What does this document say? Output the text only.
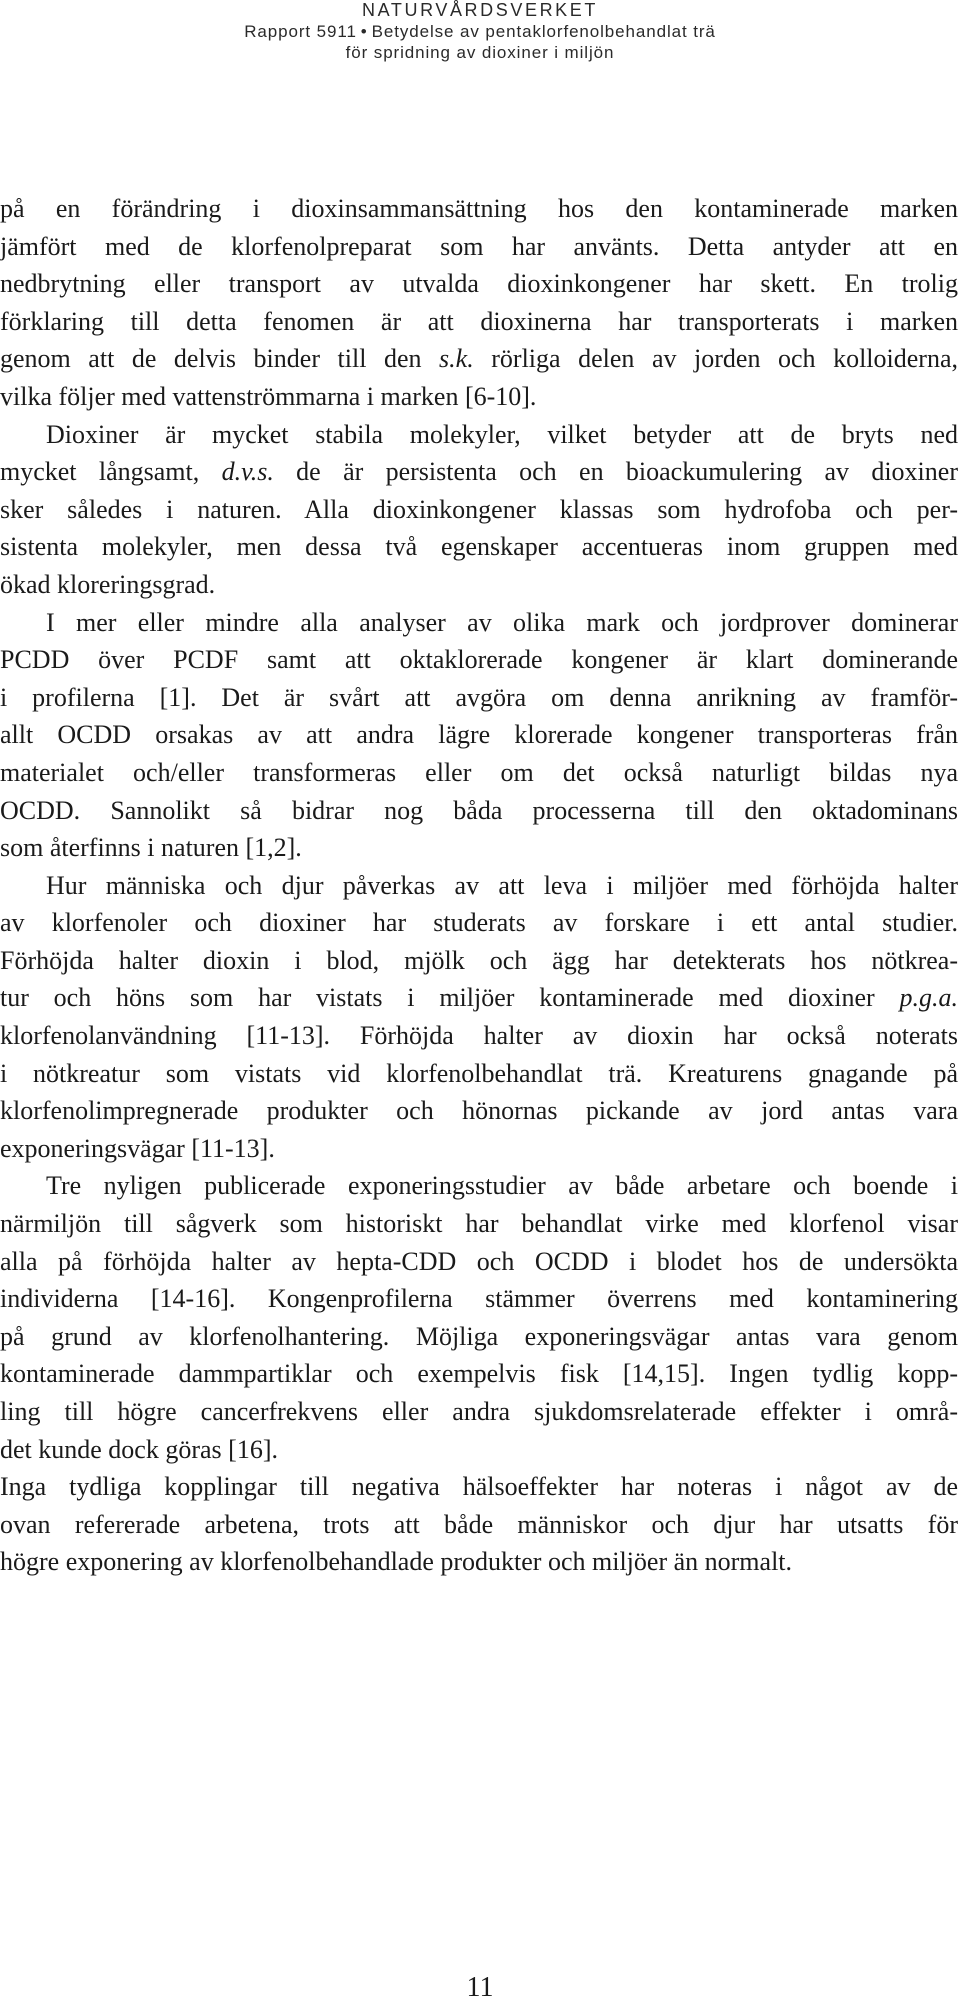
NATURVÅRDSVERKET
Rapport 5911 • Betydelse av pentaklorfenolbehandlat trä
för spridning av dioxiner i miljön
på en förändring i dioxinsammansättning hos den kontaminerade marken
jämfört med de klorfenolpreparat som har använts. Detta antyder att en
nedbrytning eller transport av utvalda dioxinkongener har skett. En trolig
förklaring till detta fenomen är att dioxinerna har transporterats i marken
genom att de delvis binder till den s.k. rörliga delen av jorden och kolloiderna,
vilka följer med vattenströmmarna i marken [6-10].
Dioxiner är mycket stabila molekyler, vilket betyder att de bryts ned
mycket långsamt, d.v.s. de är persistenta och en bioackumulering av dioxiner
sker således i naturen. Alla dioxinkongener klassas som hydrofoba och per-
sistenta molekyler, men dessa två egenskaper accentueras inom gruppen med
ökad kloreringsgrad.
I mer eller mindre alla analyser av olika mark och jordprover dominerar
PCDD över PCDF samt att oktaklorerade kongener är klart dominerande
i profilerna [1]. Det är svårt att avgöra om denna anrikning av framför-
allt OCDD orsakas av att andra lägre klorerade kongener transporteras från
materialet och/eller transformeras eller om det också naturligt bildas nya
OCDD. Sannolikt så bidrar nog båda processerna till den oktadominans
som återfinns i naturen [1,2].
Hur människa och djur påverkas av att leva i miljöer med förhöjda halter
av klorfenoler och dioxiner har studerats av forskare i ett antal studier.
Förhöjda halter dioxin i blod, mjölk och ägg har detekterats hos nötkrea-
tur och höns som har vistats i miljöer kontaminerade med dioxiner p.g.a.
klorfenolanvändning [11-13]. Förhöjda halter av dioxin har också noterats
i nötkreatur som vistats vid klorfenolbehandlat trä. Kreaturens gnagande på
klorfenolimpregnerade produkter och hönornas pickande av jord antas vara
exponeringsvägar [11-13].
Tre nyligen publicerade exponeringsstudier av både arbetare och boende i
närmiljön till sågverk som historiskt har behandlat virke med klorfenol visar
alla på förhöjda halter av hepta-CDD och OCDD i blodet hos de undersökta
individerna [14-16]. Kongenprofilerna stämmer överrens med kontaminering
på grund av klorfenolhantering. Möjliga exponeringsvägar antas vara genom
kontaminerade dammpartiklar och exempelvis fisk [14,15]. Ingen tydlig kopp-
ling till högre cancerfrekvens eller andra sjukdomsrelaterade effekter i områ-
det kunde dock göras [16].
Inga tydliga kopplingar till negativa hälsoeffekter har noteras i något av de
ovan refererade arbetena, trots att både människor och djur har utsatts för
högre exponering av klorfenolbehandlade produkter och miljöer än normalt.
11
